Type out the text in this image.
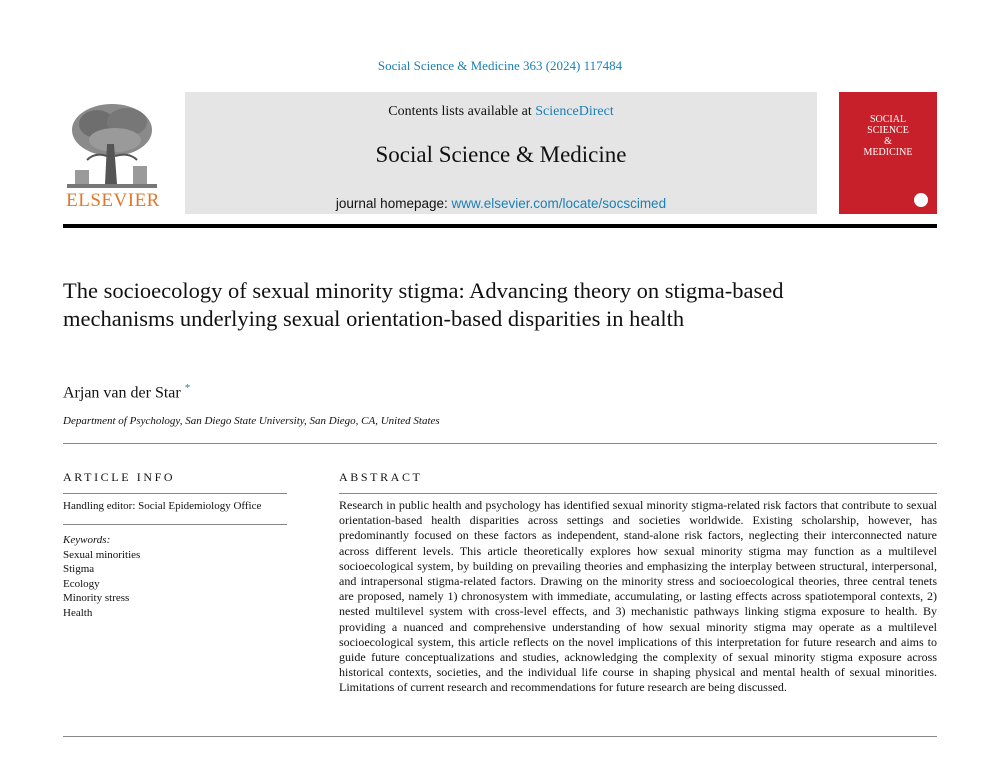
Social Science & Medicine 363 (2024) 117484
ELSEVIER
Contents lists available at ScienceDirect
Social Science & Medicine
journal homepage: www.elsevier.com/locate/socscimed
SOCIAL
SCIENCE
&
MEDICINE
The socioecology of sexual minority stigma: Advancing theory on stigma-based mechanisms underlying sexual orientation-based disparities in health
Arjan van der Star *
Department of Psychology, San Diego State University, San Diego, CA, United States
ARTICLE INFO	ABSTRACT
Handling editor: Social Epidemiology Office
Keywords:
Sexual minorities
Stigma
Ecology
Minority stress
Health
Research in public health and psychology has identified sexual minority stigma-related risk factors that contribute to sexual orientation-based health disparities across settings and societies worldwide. Existing scholarship, however, has predominantly focused on these factors as independent, stand-alone risk factors, neglecting their interconnected nature across different levels. This article theoretically explores how sexual minority stigma may function as a multilevel socioecological system, by building on prevailing theories and emphasizing the interplay between structural, interpersonal, and intrapersonal stigma-related factors. Drawing on the minority stress and socioecological theories, three central tenets are proposed, namely 1) chronosystem with immediate, accumulating, or lasting effects across spatiotemporal contexts, 2) nested multilevel system with cross-level effects, and 3) mechanistic pathways linking stigma exposure to health. By providing a nuanced and comprehensive understanding of how sexual minority stigma may operate as a multilevel socioecological system, this article reflects on the novel implications of this interpretation for future research and aims to guide future conceptualizations and studies, acknowledging the complexity of sexual minority stigma exposure across historical contexts, societies, and the individual life course in shaping physical and mental health of sexual minorities. Limitations of current research and recommendations for future research are being discussed.
